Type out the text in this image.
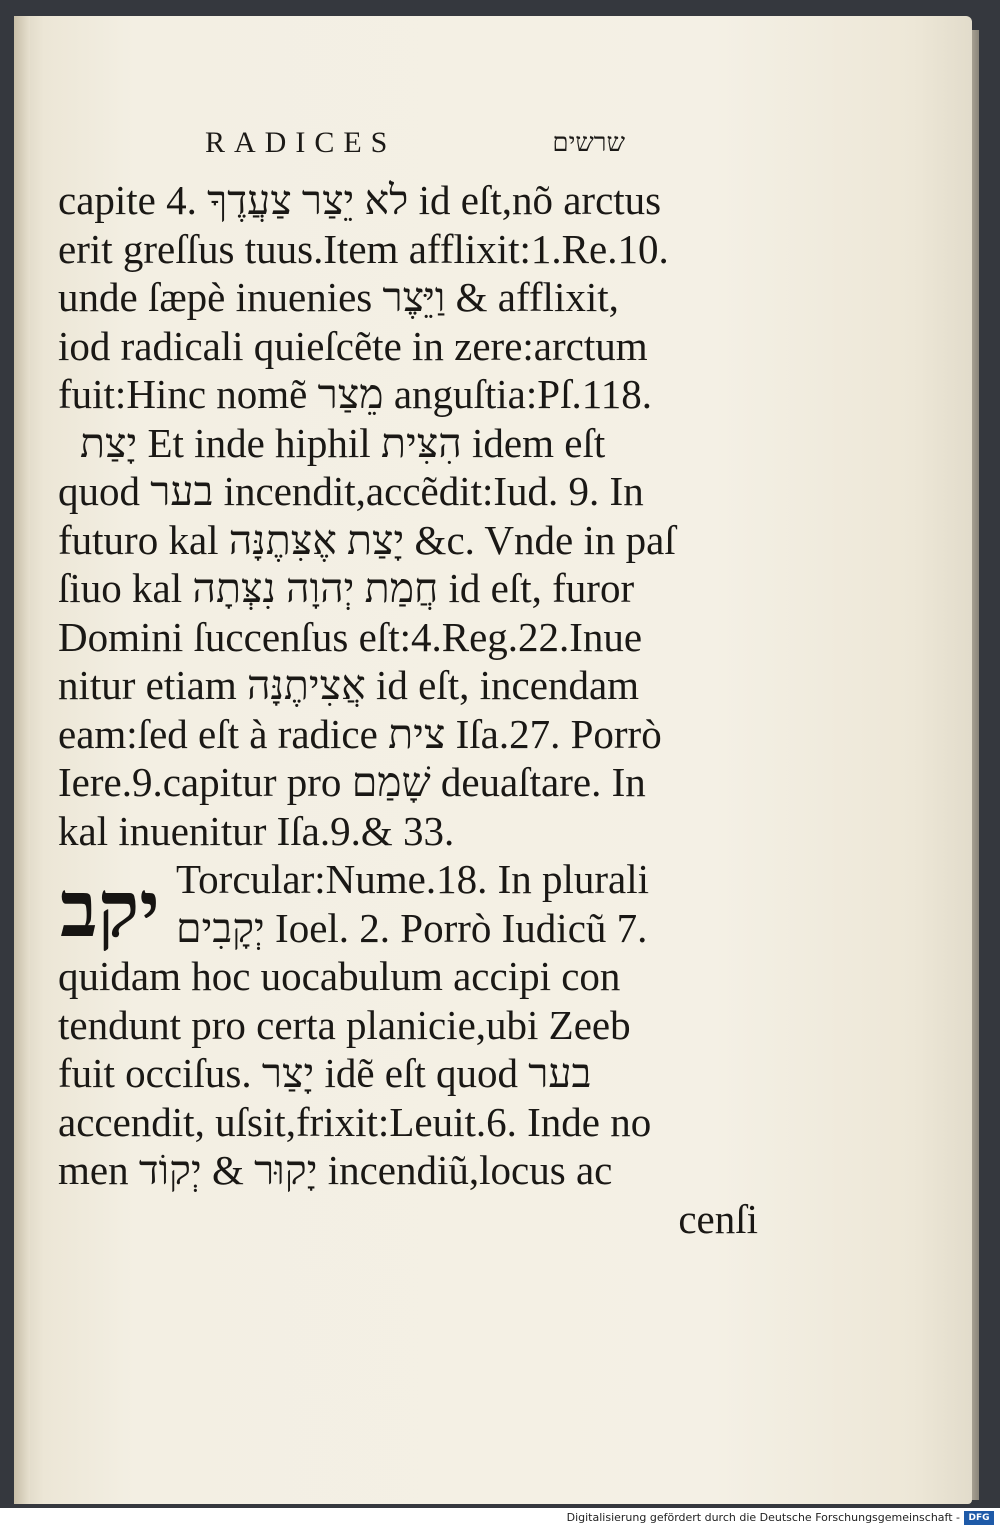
RADICES	שרשים
capite 4. לא יֵצַר צַעֲדֶךָ id eſt,nõ arctus
erit greſſus tuus.Item afflixit:1.Re.10.
unde ſæpè inuenies וַיֵּצֶר & afflixit,
iod radicali quieſcẽte in zere:arctum
fuit:Hinc nomẽ מֵצַר anguſtia:Pſ.118.
יָצַת Et inde hiphil הִצִּית idem eſt
quod בער incendit,accẽdit:Iud. 9. In
futuro kal יָצַת אֶצִּתֶנָּה &c. Vnde in paſ
ſiuo kal חֲמַת יְהוָה נִצְּתָה id eſt, furor
Domini ſuccenſus eſt:4.Reg.22.Inue
nitur etiam אֲצִיתֶנָּה id eſt, incendam
eam:ſed eſt à radice צית Iſa.27. Porrò
Iere.9.capitur pro שָׁמַם deuaſtare. In
kal inuenitur Iſa.9.& 33.
Torcular:Nume.18. In plurali
יְקָבִים Ioel. 2. Porrò Iudicũ 7.
quidam hoc uocabulum accipi con
tendunt pro certa planicie,ubi Zeeb
fuit occiſus. יָצַר idẽ eſt quod בער
accendit, uſsit,frixit:Leuit.6. Inde no
men יָקוּר & יְקוֹד incendiũ,locus ac
cenſi
יקב
Digitalisierung gefördert durch die Deutsche Forschungsgemeinschaft - DFG
